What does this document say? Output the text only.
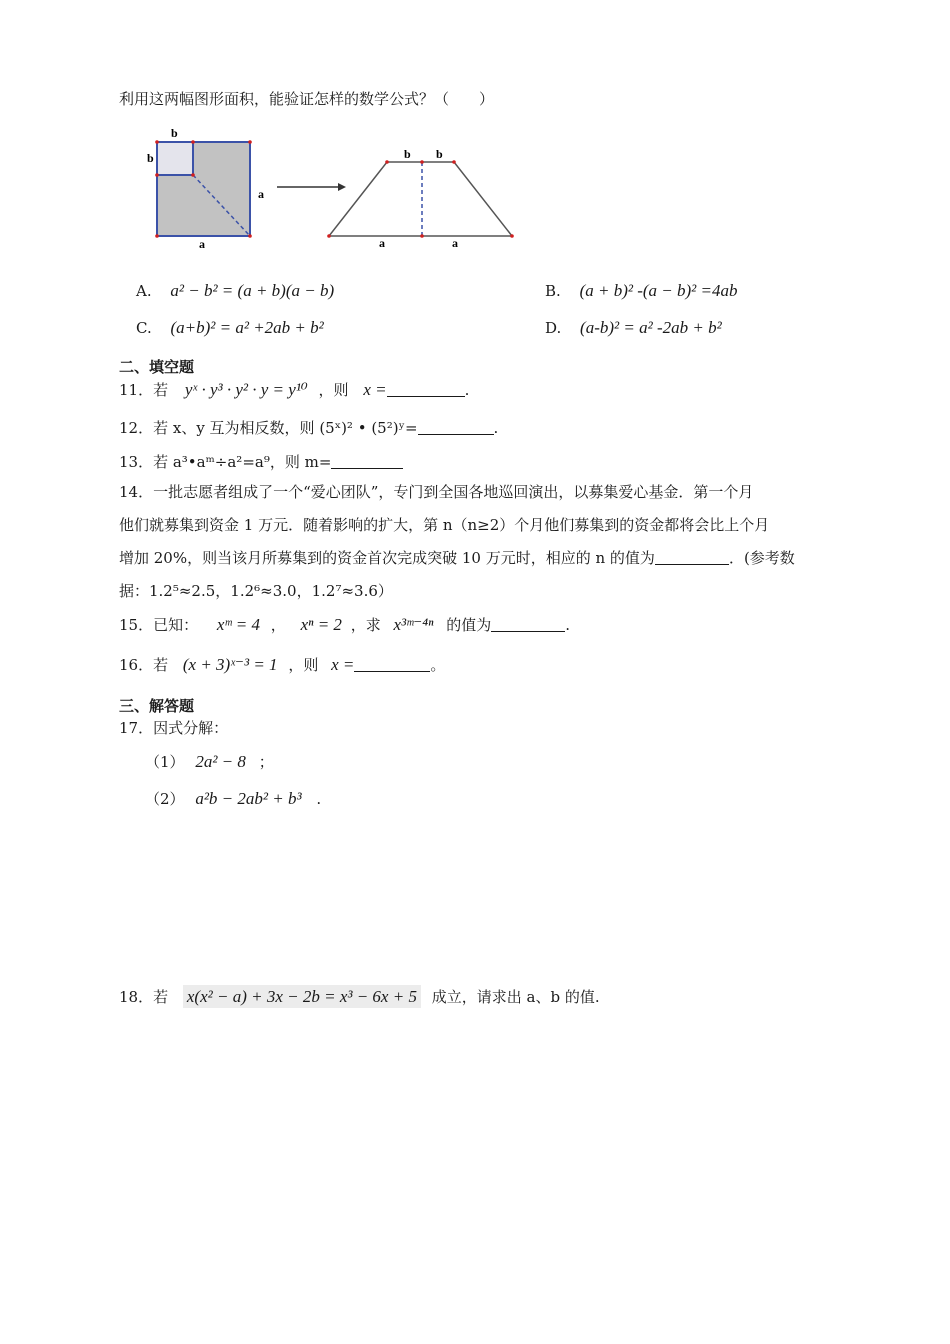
利用这两幅图形面积，能验证怎样的数学公式？（　　）
b
b
a
a
b b
a	a
A. a² − b² = (a + b)(a − b)	B. (a + b)² -(a − b)² =4ab
C. (a+b)² = a² +2ab + b²	D. (a-b)² = a² -2ab + b²
二、填空题
11．若 yˣ · y³ · y² · y = y¹⁰ ，则 x =	.
12．若 x、y 互为相反数，则 (5ˣ)² • (5²)ʸ=	.
13．若 a³•aᵐ÷a²=a⁹，则 m=
14．一批志愿者组成了一个“爱心团队”，专门到全国各地巡回演出，以募集爱心基金．第一个月
他们就募集到资金 1 万元．随着影响的扩大，第 n（n≥2）个月他们募集到的资金都将会比上个月
增加 20%，则当该月所募集到的资金首次完成突破 10 万元时，相应的 n 的值为	．(参考数
据：1.2⁵≈2.5，1.2⁶≈3.0，1.2⁷≈3.6）
15．已知： xᵐ = 4 ， xⁿ = 2 ，求 x³ᵐ⁻⁴ⁿ 的值为	.
16．若 (x + 3)ˣ⁻³ = 1 ，则 x =	。
三、解答题
17．因式分解：
（1） 2a² − 8 ；
（2） a²b − 2ab² + b³ .
18．若 x(x² − a) + 3x − 2b = x³ − 6x + 5 成立，请求出 a、b 的值.
